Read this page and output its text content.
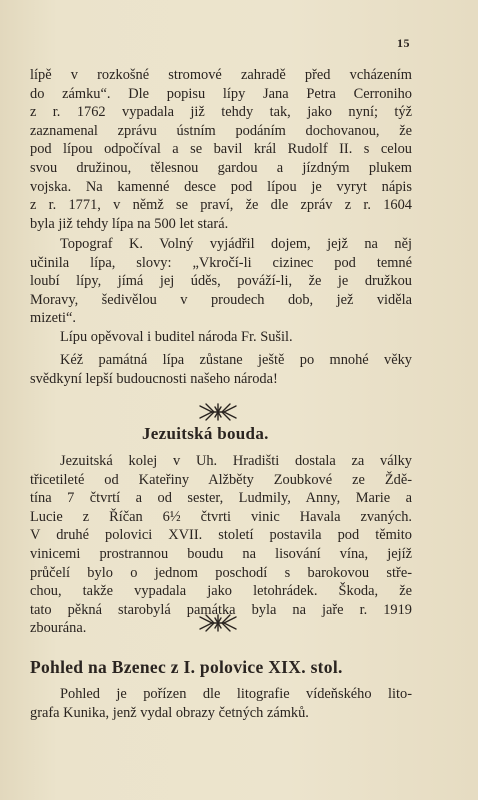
15
lípě v rozkošné stromové zahradě před vcházením
do zámku“. Dle popisu lípy Jana Petra Cerroniho
z r. 1762 vypadala již tehdy tak, jako nyní; týž
zaznamenal zprávu ústním podáním dochovanou, že
pod lípou odpočíval a se bavil král Rudolf II. s celou
svou družinou, tělesnou gardou a jízdným plukem
vojska. Na kamenné desce pod lípou je vyryt nápis
z r. 1771, v němž se praví, že dle zpráv z r. 1604
byla již tehdy lípa na 500 let stará.
Topograf K. Volný vyjádřil dojem, jejž na něj
učinila lípa, slovy: „Vkročí-li cizinec pod temné
loubí lípy, jímá jej úděs, pováží-li, že je družkou
Moravy, šedivělou v proudech dob, jež viděla
mizeti“.
Lípu opěvoval i buditel národa Fr. Sušil.
Kéž památná lípa zůstane ještě po mnohé věky
svědkyní lepší budoucnosti našeho národa!
Jezuitská bouda.
Jezuitská kolej v Uh. Hradišti dostala za války
třicetileté od Kateřiny Alžběty Zoubkové ze Ždě-
tína 7 čtvrtí a od sester, Ludmily, Anny, Marie a
Lucie z Říčan 6½ čtvrti vinic Havala zvaných.
V druhé polovici XVII. století postavila pod těmito
vinicemi prostrannou boudu na lisování vína, jejíž
průčelí bylo o jednom poschodí s barokovou stře-
chou, takže vypadala jako letohrádek. Škoda, že
tato pěkná starobylá památka byla na jaře r. 1919
zbourána.
Pohled na Bzenec z I. polovice XIX. stol.
Pohled je pořízen dle litografie vídeňského lito-
grafa Kunika, jenž vydal obrazy četných zámků.
